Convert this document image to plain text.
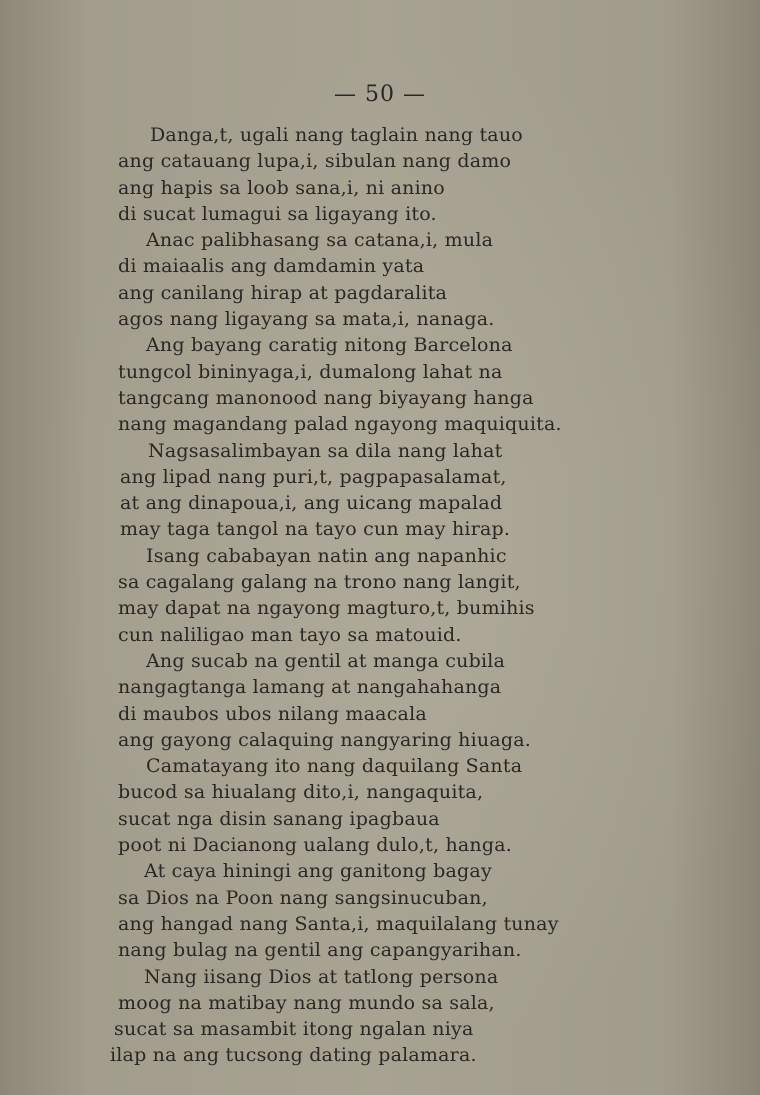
— 50 —
Danga,t, ugali nang taglain nang tauo
ang catauang lupa,i, sibulan nang damo
ang hapis sa loob sana,i, ni anino
di sucat lumagui sa ligayang ito.
Anac palibhasang sa catana,i, mula
di maiaalis ang damdamin yata
ang canilang hirap at pagdaralita
agos nang ligayang sa mata,i, nanaga.
Ang bayang caratig nitong Barcelona
tungcol bininyaga,i, dumalong lahat na
tangcang manonood nang biyayang hanga
nang magandang palad ngayong maquiquita.
Nagsasalimbayan sa dila nang lahat
ang lipad nang puri,t, pagpapasalamat,
at ang dinapoua,i, ang uicang mapalad
may taga tangol na tayo cun may hirap.
Isang cababayan natin ang napanhic
sa cagalang galang na trono nang langit,
may dapat na ngayong magturo,t, bumihis
cun naliligao man tayo sa matouid.
Ang sucab na gentil at manga cubila
nangagtanga lamang at nangahahanga
di maubos ubos nilang maacala
ang gayong calaquing nangyaring hiuaga.
Camatayang ito nang daquilang Santa
bucod sa hiualang dito,i, nangaquita,
sucat nga disin sanang ipagbaua
poot ni Dacianong ualang dulo,t, hanga.
At caya hiningi ang ganitong bagay
sa Dios na Poon nang sangsinucuban,
ang hangad nang Santa,i, maquilalang tunay
nang bulag na gentil ang capangyarihan.
Nang iisang Dios at tatlong persona
moog na matibay nang mundo sa sala,
sucat sa masambit itong ngalan niya
ilap na ang tucsong dating palamara.
